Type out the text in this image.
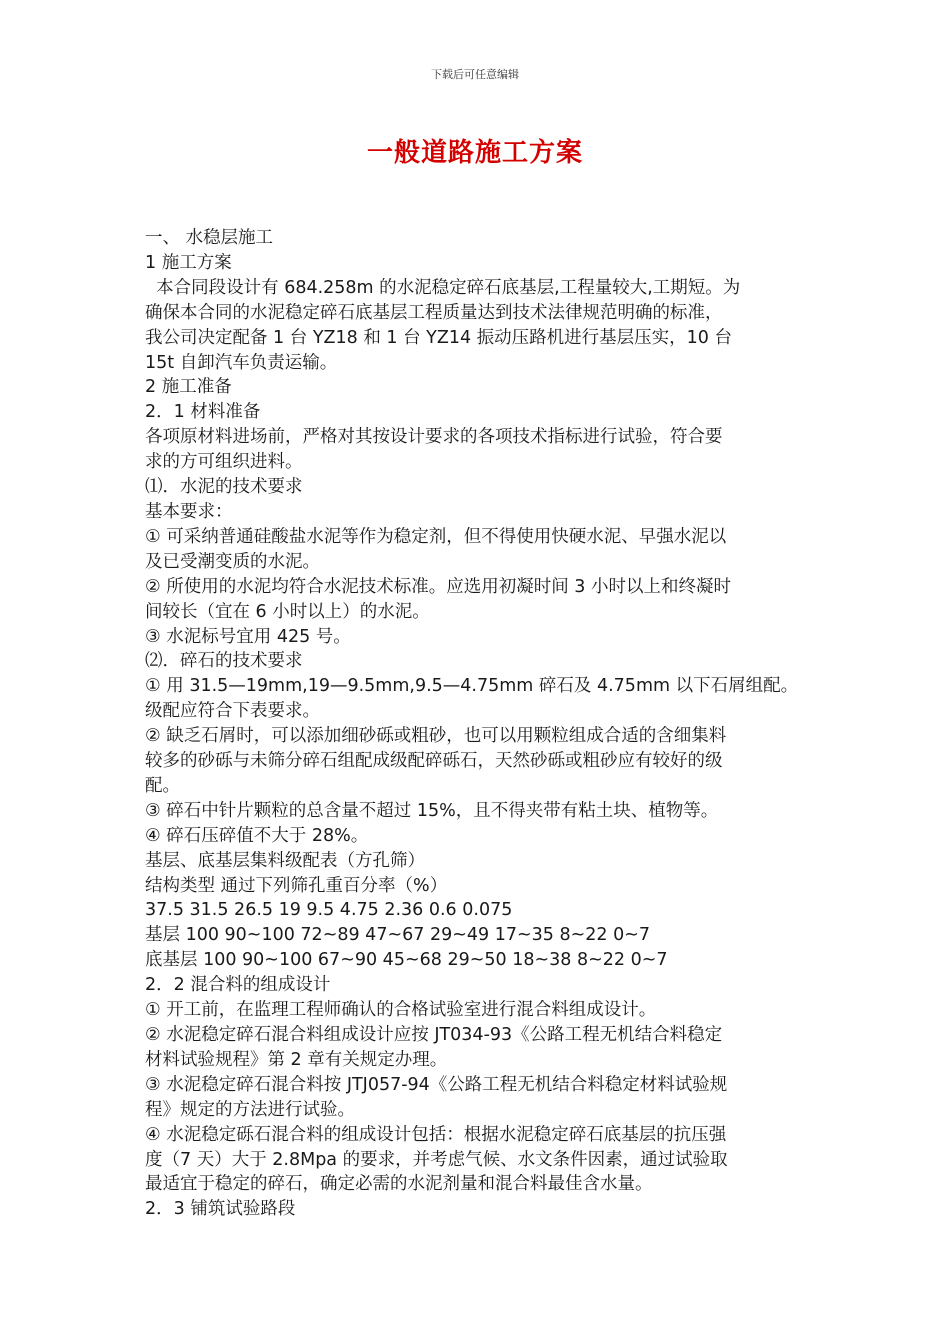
下载后可任意编辑
一般道路施工方案
一、 水稳层施工
1 施工方案
本合同段设计有 684.258m 的水泥稳定碎石底基层,工程量较大,工期短。为
确保本合同的水泥稳定碎石底基层工程质量达到技术法律规范明确的标准，
我公司决定配备 1 台 YZ18 和 1 台 YZ14 振动压路机进行基层压实，10 台
15t 自卸汽车负责运输。
2 施工准备
2．1 材料准备
各项原材料进场前，严格对其按设计要求的各项技术指标进行试验，符合要
求的方可组织进料。
⑴．水泥的技术要求
基本要求：
① 可采纳普通硅酸盐水泥等作为稳定剂，但不得使用快硬水泥、早强水泥以
及已受潮变质的水泥。
② 所使用的水泥均符合水泥技术标准。应选用初凝时间 3 小时以上和终凝时
间较长（宜在 6 小时以上）的水泥。
③ 水泥标号宜用 425 号。
⑵．碎石的技术要求
① 用 31.5—19mm,19—9.5mm,9.5—4.75mm 碎石及 4.75mm 以下石屑组配。
级配应符合下表要求。
② 缺乏石屑时，可以添加细砂砾或粗砂，也可以用颗粒组成合适的含细集料
较多的砂砾与未筛分碎石组配成级配碎砾石，天然砂砾或粗砂应有较好的级
配。
③ 碎石中针片颗粒的总含量不超过 15%，且不得夹带有粘土块、植物等。
④ 碎石压碎值不大于 28%。
基层、底基层集料级配表（方孔筛）
结构类型 通过下列筛孔重百分率（%）
37.5 31.5 26.5 19 9.5 4.75 2.36 0.6 0.075
基层 100 90~100 72~89 47~67 29~49 17~35 8~22 0~7
底基层 100 90~100 67~90 45~68 29~50 18~38 8~22 0~7
2．2 混合料的组成设计
① 开工前，在监理工程师确认的合格试验室进行混合料组成设计。
② 水泥稳定碎石混合料组成设计应按 JT034-93《公路工程无机结合料稳定
材料试验规程》第 2 章有关规定办理。
③ 水泥稳定碎石混合料按 JTJ057-94《公路工程无机结合料稳定材料试验规
程》规定的方法进行试验。
④ 水泥稳定砾石混合料的组成设计包括：根据水泥稳定碎石底基层的抗压强
度（7 天）大于 2.8Mpa 的要求，并考虑气候、水文条件因素，通过试验取
最适宜于稳定的碎石，确定必需的水泥剂量和混合料最佳含水量。
2．3 铺筑试验路段
